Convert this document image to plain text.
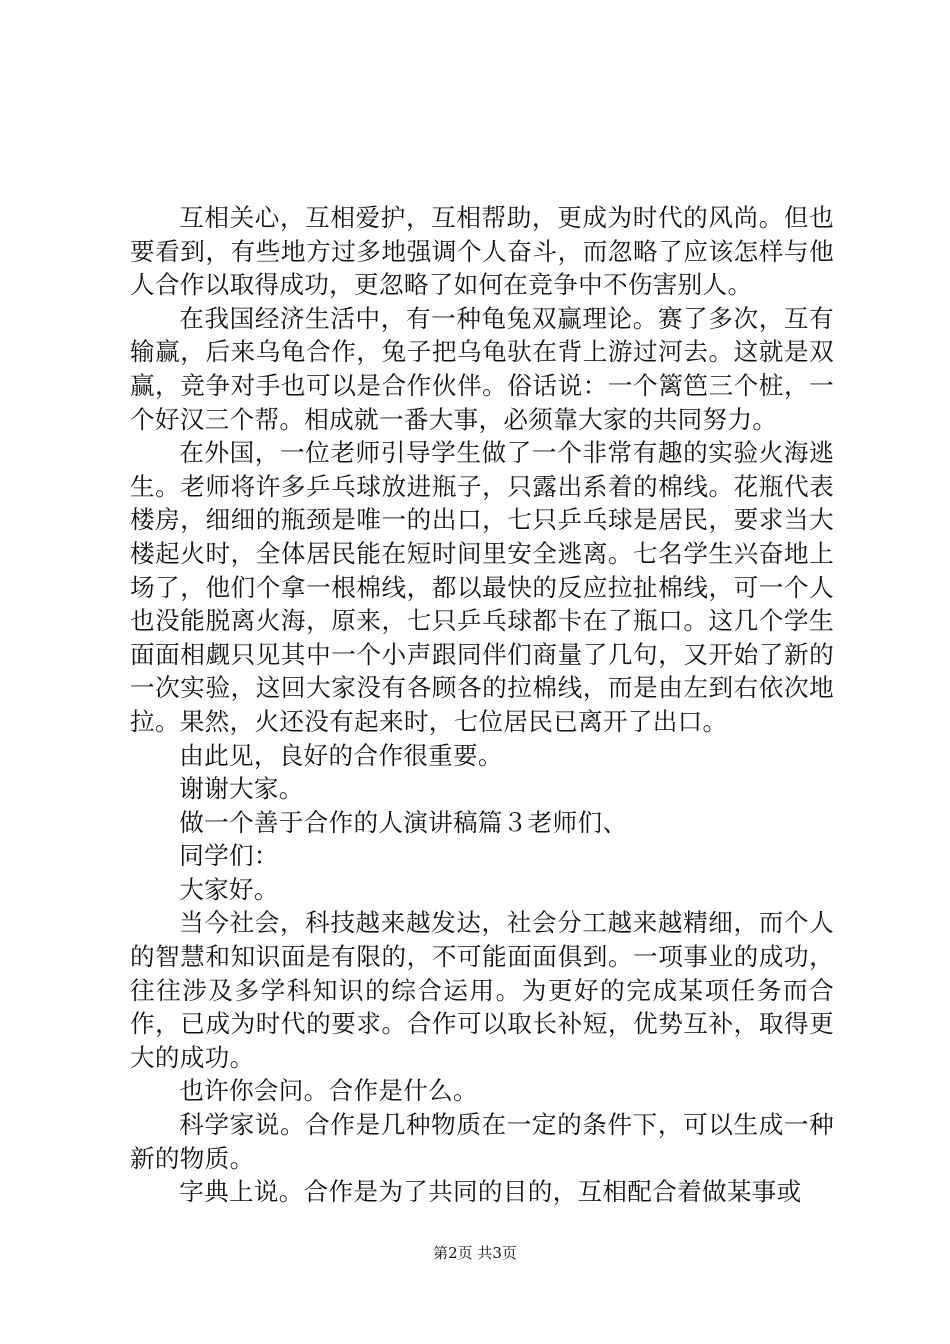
互相关心，互相爱护，互相帮助，更成为时代的风尚。但也要看到，有些地方过多地强调个人奋斗，而忽略了应该怎样与他人合作以取得成功，更忽略了如何在竞争中不伤害别人。

在我国经济生活中，有一种龟兔双赢理论。赛了多次，互有输赢，后来乌龟合作，兔子把乌龟驮在背上游过河去。这就是双赢，竞争对手也可以是合作伙伴。俗话说：一个篱笆三个桩，一个好汉三个帮。相成就一番大事，必须靠大家的共同努力。

在外国，一位老师引导学生做了一个非常有趣的实验火海逃生。老师将许多乒乓球放进瓶子，只露出系着的棉线。花瓶代表楼房，细细的瓶颈是唯一的出口，七只乒乓球是居民，要求当大楼起火时，全体居民能在短时间里安全逃离。七名学生兴奋地上场了，他们个拿一根棉线，都以最快的反应拉扯棉线，可一个人也没能脱离火海，原来，七只乒乓球都卡在了瓶口。这几个学生面面相觑只见其中一个小声跟同伴们商量了几句，又开始了新的一次实验，这回大家没有各顾各的拉棉线，而是由左到右依次地拉。果然，火还没有起来时，七位居民已离开了出口。

由此见，良好的合作很重要。

谢谢大家。

做一个善于合作的人演讲稿篇３老师们、

同学们：

大家好。

当今社会，科技越来越发达，社会分工越来越精细，而个人的智慧和知识面是有限的，不可能面面俱到。一项事业的成功，往往涉及多学科知识的综合运用。为更好的完成某项任务而合作，已成为时代的要求。合作可以取长补短，优势互补，取得更大的成功。

也许你会问。合作是什么。

科学家说。合作是几种物质在一定的条件下，可以生成一种新的物质。

字典上说。合作是为了共同的目的，互相配合着做某事或

第2页 共3页
